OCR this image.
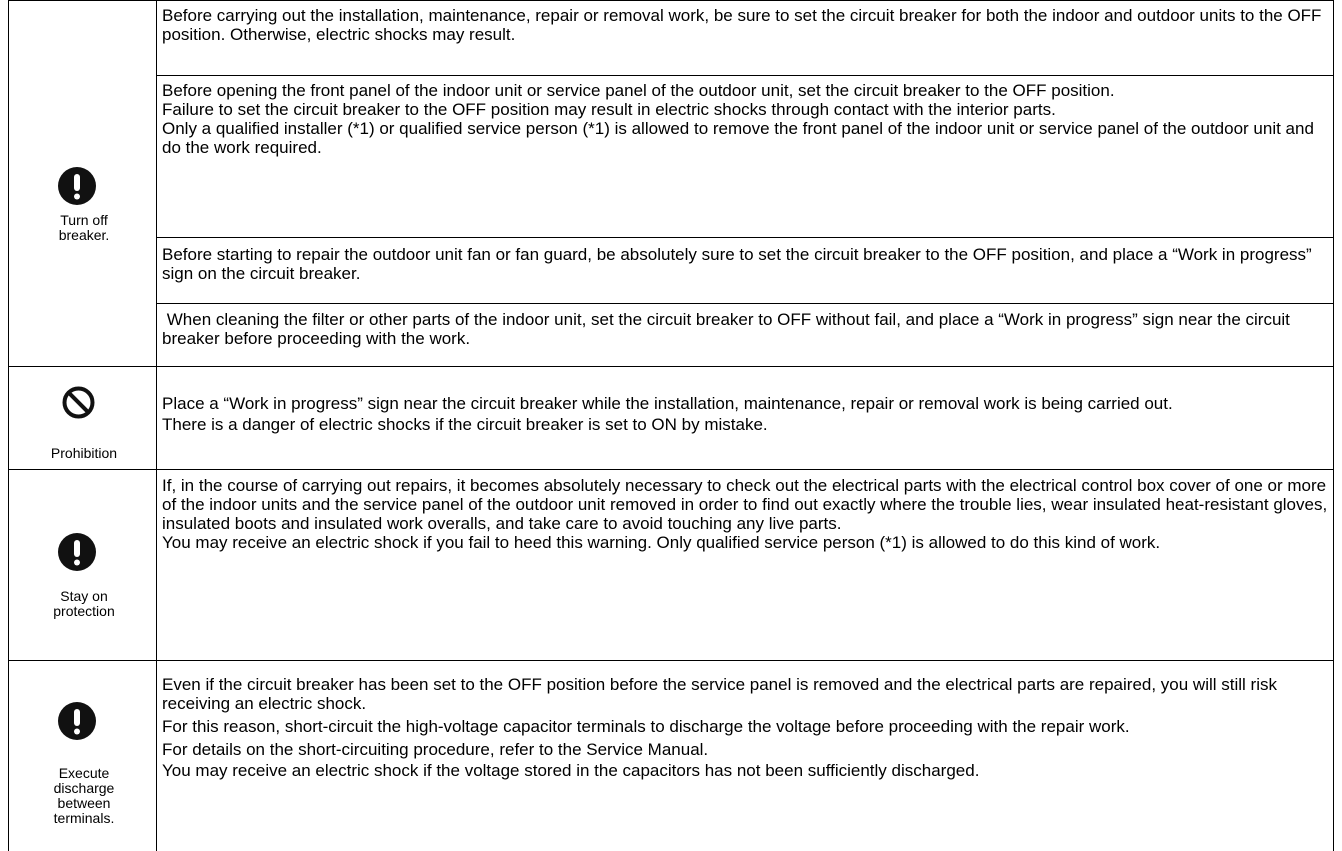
Turn off
breaker.
Before carrying out the installation, maintenance, repair or removal work, be sure to set the circuit breaker for both the indoor and outdoor units to the OFF position. Otherwise, electric shocks may result.
Before opening the front panel of the indoor unit or service panel of the outdoor unit, set the circuit breaker to the OFF position.
Failure to set the circuit breaker to the OFF position may result in electric shocks through contact with the interior parts.
Only a qualified installer (*1) or qualified service person (*1) is allowed to remove the front panel of the indoor unit or service panel of the outdoor unit and do the work required.
Before starting to repair the outdoor unit fan or fan guard, be absolutely sure to set the circuit breaker to the OFF position, and place a “Work in progress” sign on the circuit breaker.
When cleaning the filter or other parts of the indoor unit, set the circuit breaker to OFF without fail, and place a “Work in progress” sign near the circuit breaker before proceeding with the work.
Prohibition
Place a “Work in progress” sign near the circuit breaker while the installation, maintenance, repair or removal work is being carried out.
There is a danger of electric shocks if the circuit breaker is set to ON by mistake.
Stay on
protection
If, in the course of carrying out repairs, it becomes absolutely necessary to check out the electrical parts with the electrical control box cover of one or more of the indoor units and the service panel of the outdoor unit removed in order to find out exactly where the trouble lies, wear insulated heat-resistant gloves, insulated boots and insulated work overalls, and take care to avoid touching any live parts.
You may receive an electric shock if you fail to heed this warning. Only qualified service person (*1) is allowed to do this kind of work.
Execute
discharge
between
terminals.
Even if the circuit breaker has been set to the OFF position before the service panel is removed and the electrical parts are repaired, you will still risk receiving an electric shock.
For this reason, short-circuit the high-voltage capacitor terminals to discharge the voltage before proceeding with the repair work.
For details on the short-circuiting procedure, refer to the Service Manual.
You may receive an electric shock if the voltage stored in the capacitors has not been sufficiently discharged.
